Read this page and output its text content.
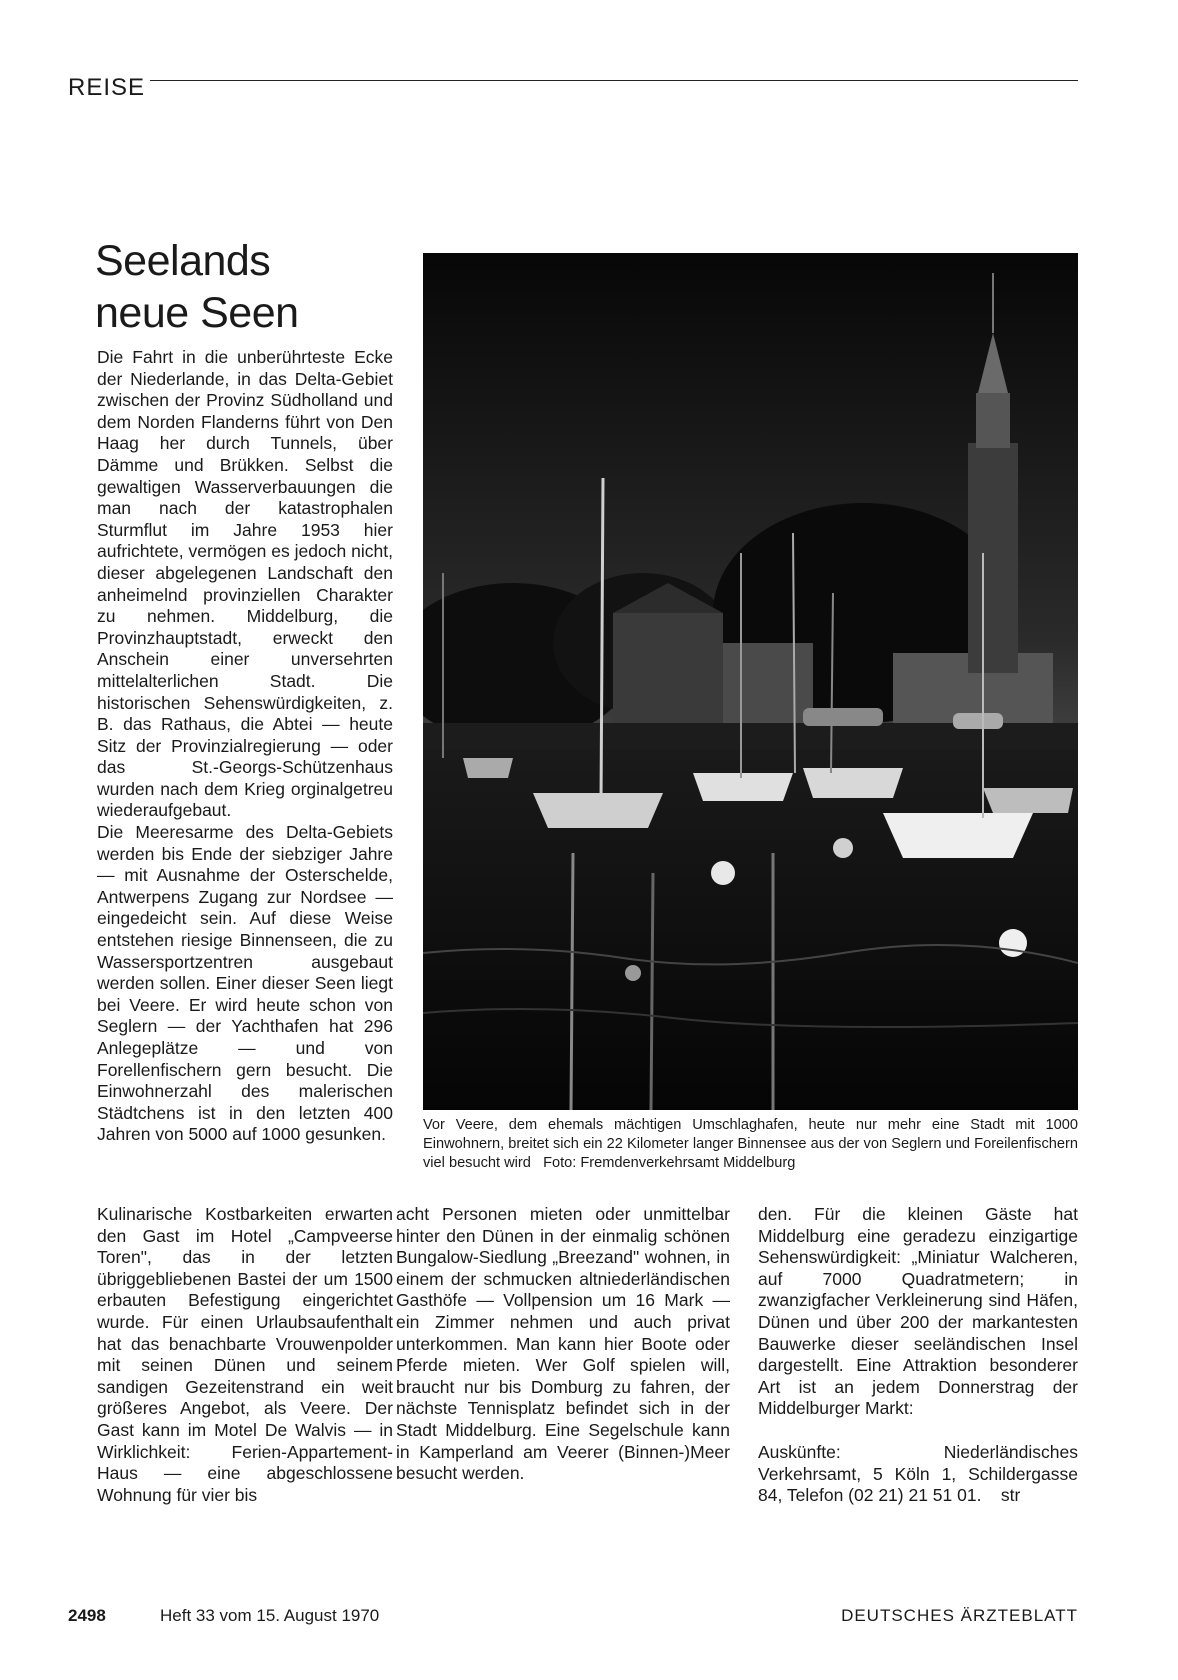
REISE
Seelands
neue Seen

Die Fahrt in die unberührteste Ecke der Niederlande, in das Delta-Gebiet zwischen der Provinz Südholland und dem Norden Flanderns führt von Den Haag her durch Tunnels, über Dämme und Brükken. Selbst die gewaltigen Wasserverbauungen die man nach der katastrophalen Sturmflut im Jahre 1953 hier aufrichtete, vermögen es jedoch nicht, dieser abgelegenen Landschaft den anheimelnd provinziellen Charakter zu nehmen. Middelburg, die Provinzhauptstadt, erweckt den Anschein einer unversehrten mittelalterlichen Stadt. Die historischen Sehenswürdigkeiten, z. B. das Rathaus, die Abtei — heute Sitz der Provinzialregierung — oder das St.-Georgs-Schützenhaus wurden nach dem Krieg orginalgetreu wiederaufgebaut.

Die Meeresarme des Delta-Gebiets werden bis Ende der siebziger Jahre — mit Ausnahme der Osterschelde, Antwerpens Zugang zur Nordsee — eingedeicht sein. Auf diese Weise entstehen riesige Binnenseen, die zu Wassersportzentren ausgebaut werden sollen. Einer dieser Seen liegt bei Veere. Er wird heute schon von Seglern — der Yachthafen hat 296 Anlegeplätze — und von Forellenfischern gern besucht. Die Einwohnerzahl des malerischen Städtchens ist in den letzten 400 Jahren von 5000 auf 1000 gesunken.

Kulinarische Kostbarkeiten erwarten den Gast im Hotel „Campveerse Toren", das in der letzten übriggebliebenen Bastei der um 1500 erbauten Befestigung eingerichtet wurde. Für einen Urlaubsaufenthalt hat das benachbarte Vrouwenpolder mit seinen Dünen und seinem sandigen Gezeitenstrand ein weit größeres Angebot, als Veere. Der Gast kann im Motel De Walvis — in Wirklichkeit: Ferien-Appartement-Haus — eine abgeschlossene Wohnung für vier bis

Vor Veere, dem ehemals mächtigen Umschlaghafen, heute nur mehr eine Stadt mit 1000 Einwohnern, breitet sich ein 22 Kilometer langer Binnensee aus der von Seglern und Foreilenfischern viel besucht wird Foto: Fremdenverkehrsamt Middelburg

acht Personen mieten oder unmittelbar hinter den Dünen in der einmalig schönen Bungalow-Siedlung „Breezand" wohnen, in einem der schmucken altniederländischen Gasthöfe — Vollpension um 16 Mark — ein Zimmer nehmen und auch privat unterkommen. Man kann hier Boote oder Pferde mieten. Wer Golf spielen will, braucht nur bis Domburg zu fahren, der nächste Tennisplatz befindet sich in der Stadt Middelburg. Eine Segelschule kann in Kamperland am Veerer (Binnen-)Meer besucht werden.

den. Für die kleinen Gäste hat Middelburg eine geradezu einzigartige Sehenswürdigkeit: „Miniatur Walcheren, auf 7000 Quadratmetern; in zwanzigfacher Verkleinerung sind Häfen, Dünen und über 200 der markantesten Bauwerke dieser seeländischen Insel dargestellt. Eine Attraktion besonderer Art ist an jedem Donnerstrag der Middelburger Markt:

Auskünfte: Niederländisches Verkehrsamt, 5 Köln 1, Schildergasse 84, Telefon (02 21) 21 51 01. str

2498	Heft 33 vom 15. August 1970	DEUTSCHES ÄRZTEBLATT
